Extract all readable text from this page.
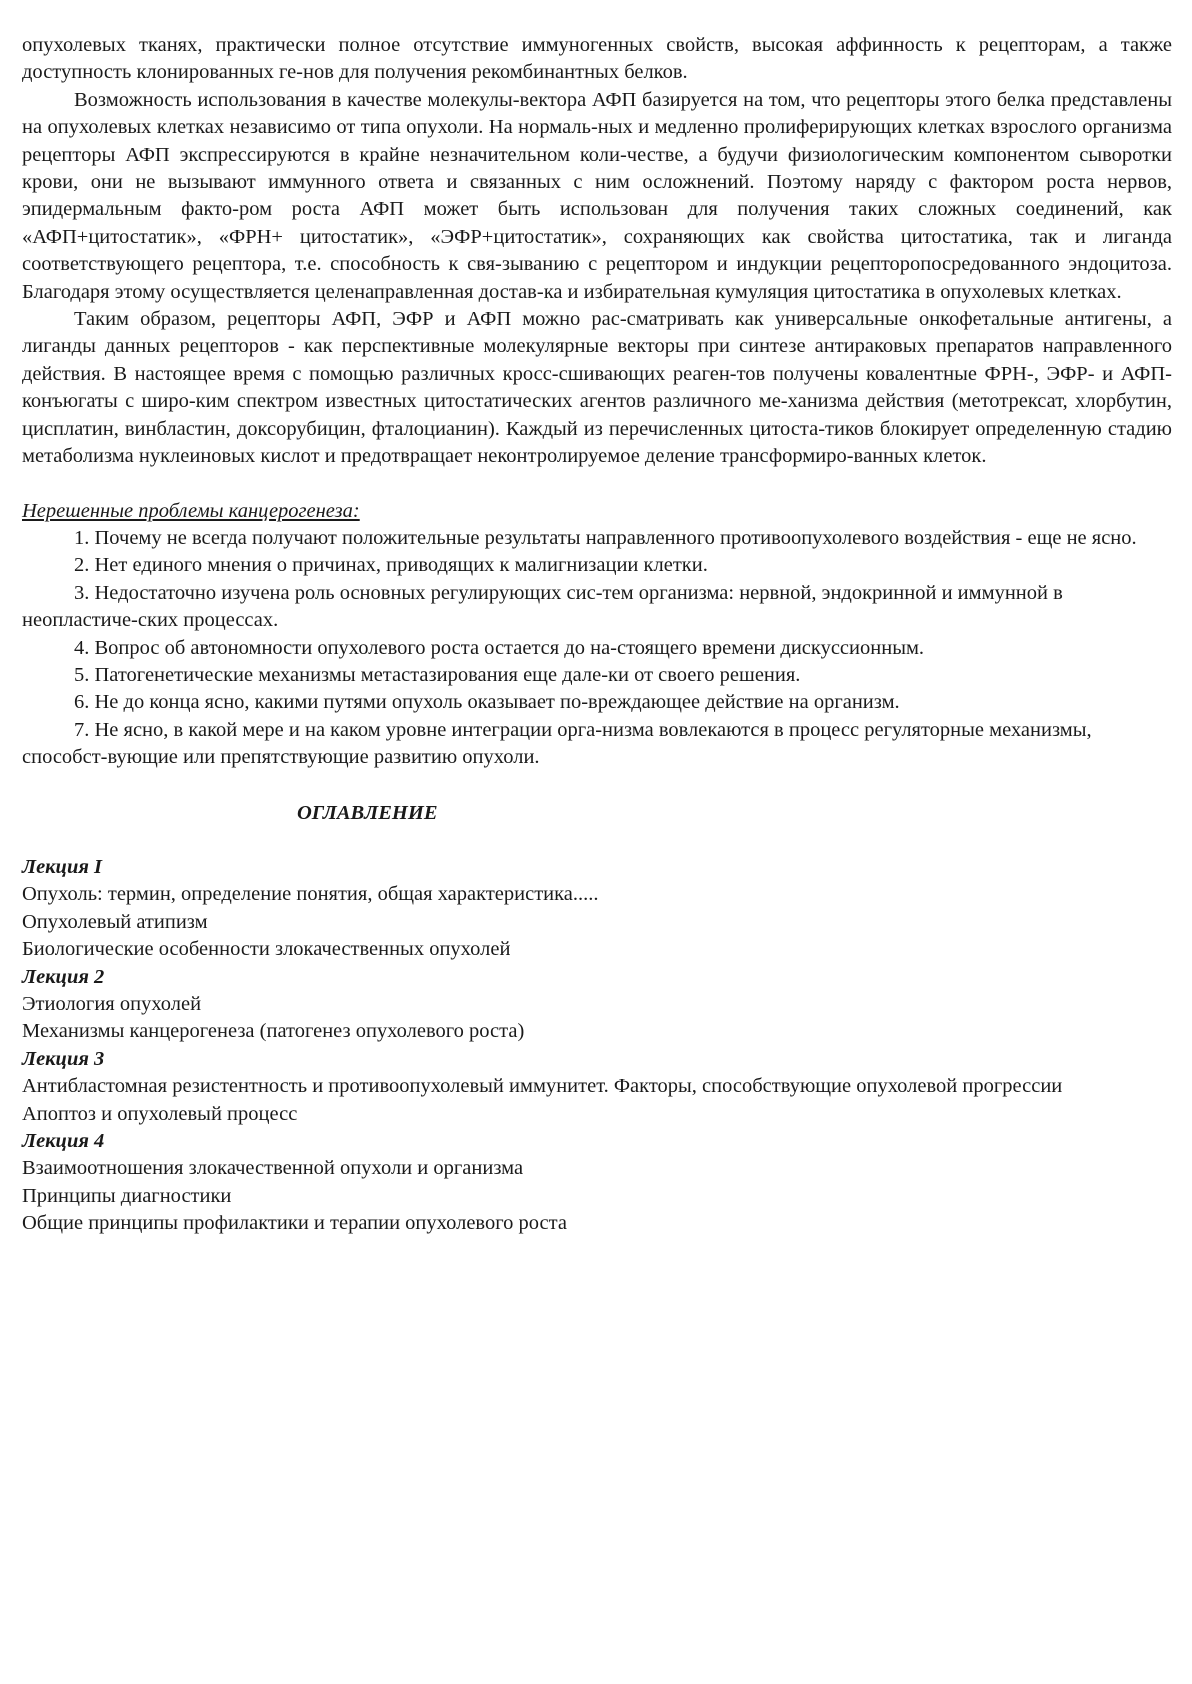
опухолевых тканях, практически полное отсутствие иммуногенных свойств, высокая аффинность к рецепторам, а также доступность клонированных ге-нов для получения рекомбинантных белков.

Возможность использования в качестве молекулы-вектора АФП базируется на том, что рецепторы этого белка представлены на опухолевых клетках независимо от типа опухоли. На нормаль-ных и медленно пролиферирующих клетках взрослого организма рецепторы АФП экспрессируются в крайне незначительном коли-честве, а будучи физиологическим компонентом сыворотки крови, они не вызывают иммунного ответа и связанных с ним осложнений. Поэтому наряду с фактором роста нервов, эпидермальным факто-ром роста АФП может быть использован для получения таких сложных соединений, как «АФП+цитостатик», «ФРН+ цитостатик», «ЭФР+цитостатик», сохраняющих как свойства цитостатика, так и лиганда соответствующего рецептора, т.е. способность к свя-зыванию с рецептором и индукции рецепторопосредованного эндоцитоза. Благодаря этому осуществляется целенаправленная достав-ка и избирательная кумуляция цитостатика в опухолевых клетках.

Таким образом, рецепторы АФП, ЭФР и АФП можно рас-сматривать как универсальные онкофетальные антигены, а лиганды данных рецепторов - как перспективные молекулярные векторы при синтезе антираковых препаратов направленного действия. В настоящее время с помощью различных кросс-сшивающих реаген-тов получены ковалентные ФРН-, ЭФР- и АФП-конъюгаты с широ-ким спектром известных цитостатических агентов различного ме-ханизма действия (метотрексат, хлорбутин, цисплатин, винбластин, доксорубицин, фталоцианин). Каждый из перечисленных цитоста-тиков блокирует определенную стадию метаболизма нуклеиновых кислот и предотвращает неконтролируемое деление трансформиро-ванных клеток.

Нерешенные проблемы канцерогенеза:

1. Почему не всегда получают положительные результаты направленного противоопухолевого воздействия - еще не ясно.

2. Нет единого мнения о причинах, приводящих к малигнизации клетки.

3. Недостаточно изучена роль основных регулирующих сис-тем организма: нервной, эндокринной и иммунной в неопластиче-ских процессах.

4. Вопрос об автономности опухолевого роста остается до на-стоящего времени дискуссионным.

5. Патогенетические механизмы метастазирования еще дале-ки от своего решения.

6. Не до конца ясно, какими путями опухоль оказывает по-вреждающее действие на организм.

7. Не ясно, в какой мере и на каком уровне интеграции орга-низма вовлекаются в процесс регуляторные механизмы, способст-вующие или препятствующие развитию опухоли.

ОГЛАВЛЕНИЕ
Лекция I
Опухоль: термин, определение понятия, общая характеристика.....
Опухолевый атипизм
Биологические особенности злокачественных опухолей
Лекция 2
Этиология опухолей
Механизмы канцерогенеза (патогенез опухолевого роста)
Лекция 3
Антибластомная резистентность и противоопухолевый иммунитет. Факторы, способствующие опухолевой прогрессии
Апоптоз и опухолевый процесс
Лекция 4
Взаимоотношения злокачественной опухоли и организма
Принципы диагностики
Общие принципы профилактики и терапии опухолевого роста
